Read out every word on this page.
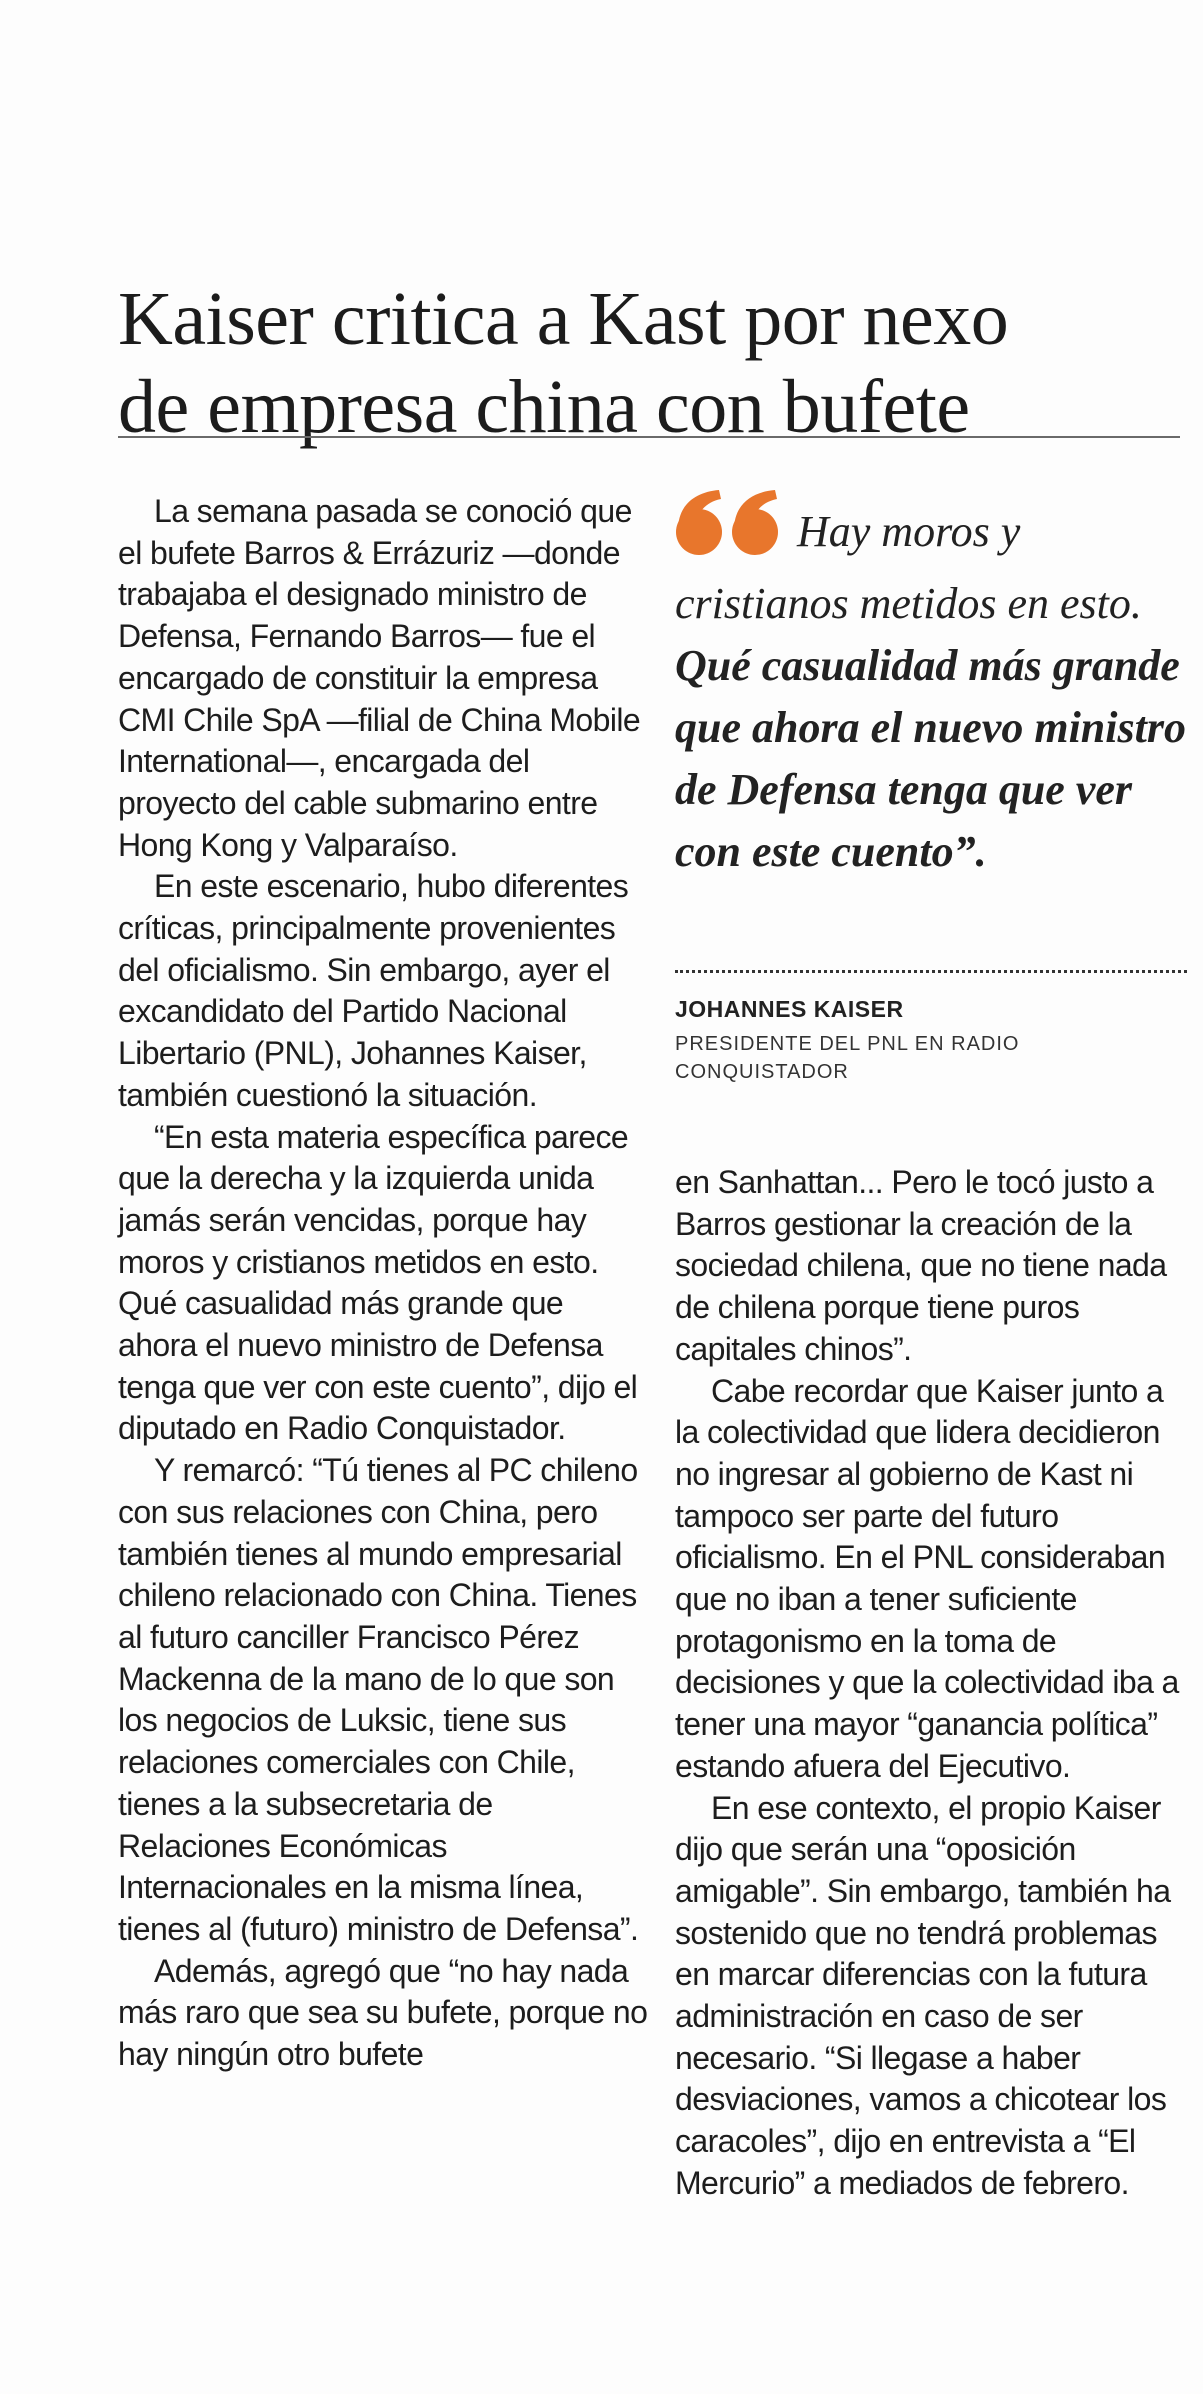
Kaiser critica a Kast por nexo
de empresa china con bufete

La semana pasada se conoció que el bufete Barros & Errázuriz —donde trabajaba el designado ministro de Defensa, Fernando Barros— fue el encargado de constituir la empresa CMI Chile SpA —filial de China Mobile International—, encargada del proyecto del cable submarino entre Hong Kong y Valparaíso.

En este escenario, hubo diferentes críticas, principalmente provenientes del oficialismo. Sin embargo, ayer el excandidato del Partido Nacional Libertario (PNL), Johannes Kaiser, también cuestionó la situación.

“En esta materia específica parece que la derecha y la izquierda unida jamás serán vencidas, porque hay moros y cristianos metidos en esto. Qué casualidad más grande que ahora el nuevo ministro de Defensa tenga que ver con este cuento”, dijo el diputado en Radio Conquistador.

Y remarcó: “Tú tienes al PC chileno con sus relaciones con China, pero también tienes al mundo empresarial chileno relacionado con China. Tienes al futuro canciller Francisco Pérez Mackenna de la mano de lo que son los negocios de Luksic, tiene sus relaciones comerciales con Chile, tienes a la subsecretaria de Relaciones Económicas Internacionales en la misma línea, tienes al (futuro) ministro de Defensa”.

Además, agregó que “no hay nada más raro que sea su bufete, porque no hay ningún otro bufete

Hay moros y cristianos metidos en esto. Qué casualidad más grande que ahora el nuevo ministro de Defensa tenga que ver con este cuento”.

JOHANNES KAISER

PRESIDENTE DEL PNL EN RADIO CONQUISTADOR

en Sanhattan... Pero le tocó justo a Barros gestionar la creación de la sociedad chilena, que no tiene nada de chilena porque tiene puros capitales chinos”.

Cabe recordar que Kaiser junto a la colectividad que lidera decidieron no ingresar al gobierno de Kast ni tampoco ser parte del futuro oficialismo. En el PNL consideraban que no iban a tener suficiente protagonismo en la toma de decisiones y que la colectividad iba a tener una mayor “ganancia política” estando afuera del Ejecutivo.

En ese contexto, el propio Kaiser dijo que serán una “oposición amigable”. Sin embargo, también ha sostenido que no tendrá problemas en marcar diferencias con la futura administración en caso de ser necesario. “Si llegase a haber desviaciones, vamos a chicotear los caracoles”, dijo en entrevista a “El Mercurio” a mediados de febrero.
